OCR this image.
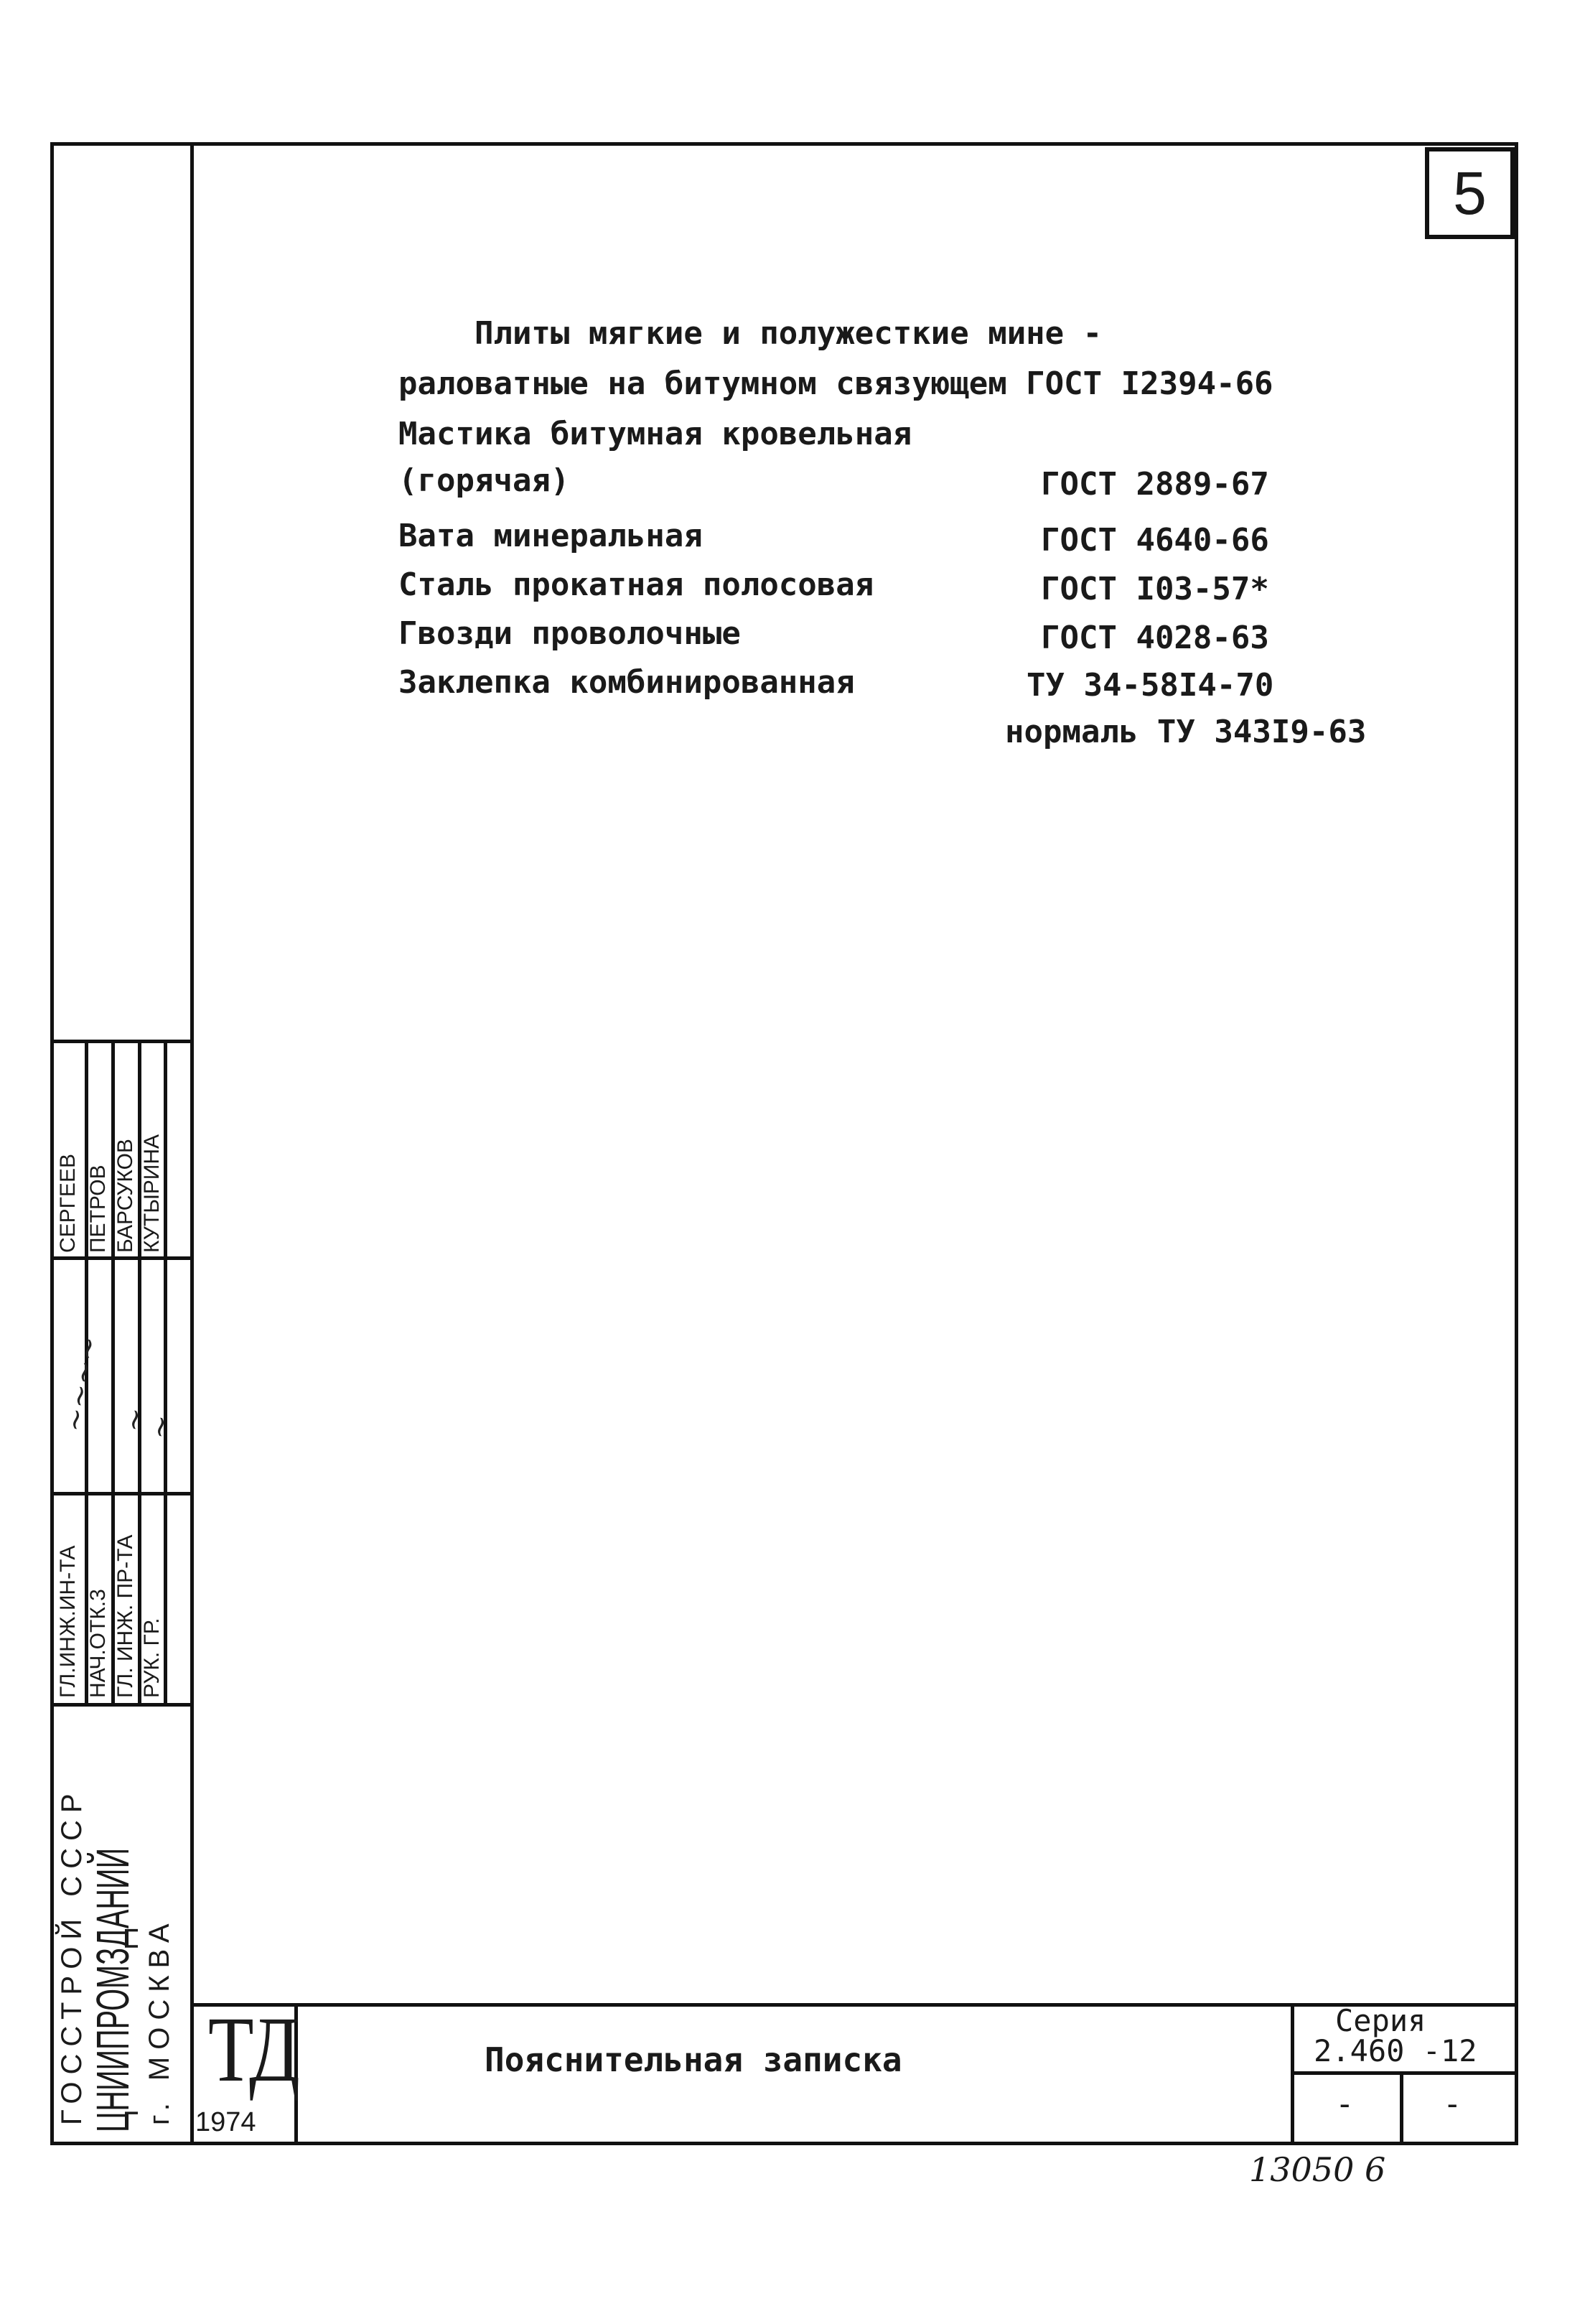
5
Плиты мягкие и полужесткие мине -
раловатные на битумном связующем ГОСТ I2394-66
Мастика битумная кровельная
(горячая)	ГОСТ 2889-67
Вата минеральная	ГОСТ 4640-66
Сталь прокатная полосовая	ГОСТ I03-57*
Гвозди проволочные	ГОСТ 4028-63
Заклепка комбинированная	ТУ 34-58I4-70
нормаль ТУ 343I9-63
СЕРГЕЕВ ПЕТРОВ БАРСУКОВ КУТЫРИНА
~~~~ ~
~
ГЛ.ИНЖ.ИН-ТА НАЧ.ОТК.3 ГЛ. ИНЖ. ПР-ТА РУК. ГР.
ГОССТРОЙ СССР ЦНИИПРОМЗДАНИЙ г. МОСКВА ТД
1974
Пояснительная записка
Серия
2.460 -12
-	-
13050 6
